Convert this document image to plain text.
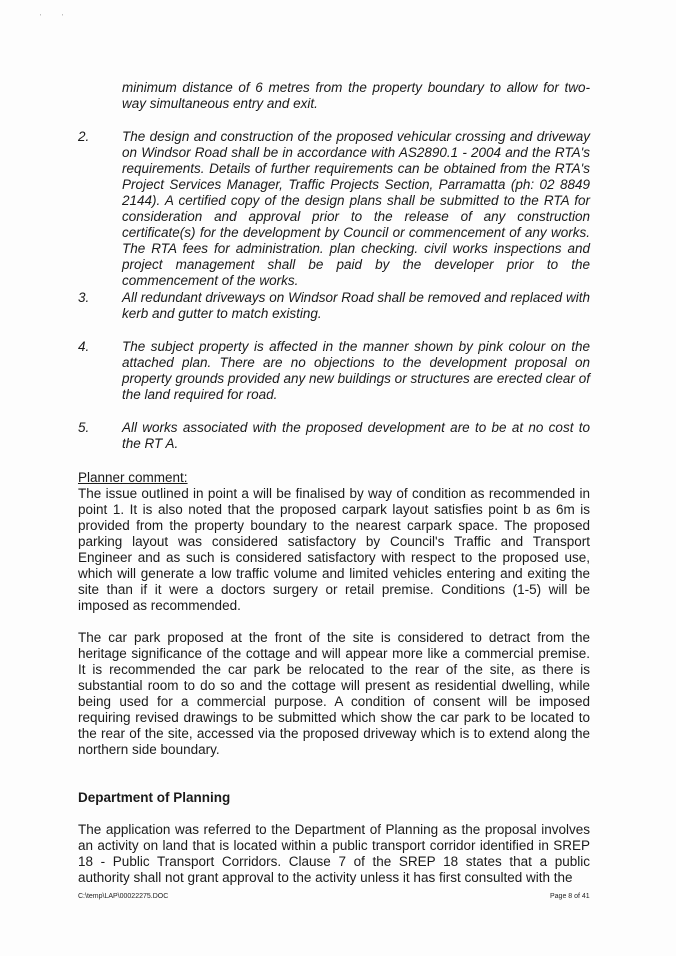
'	'

minimum distance of 6 metres from the property boundary to allow for two-way simultaneous entry and exit.

2.	The design and construction of the proposed vehicular crossing and driveway on Windsor Road shall be in accordance with AS2890.1 - 2004 and the RTA's requirements. Details of further requirements can be obtained from the RTA's Project Services Manager, Traffic Projects Section, Parramatta (ph: 02 8849 2144). A certified copy of the design plans shall be submitted to the RTA for consideration and approval prior to the release of any construction certificate(s) for the development by Council or commencement of any works. The RTA fees for administration. plan checking. civil works inspections and project management shall be paid by the developer prior to the commencement of the works.
3.	All redundant driveways on Windsor Road shall be removed and replaced with kerb and gutter to match existing.
4.	The subject property is affected in the manner shown by pink colour on the attached plan. There are no objections to the development proposal on property grounds provided any new buildings or structures are erected clear of the land required for road.
5.	All works associated with the proposed development are to be at no cost to the RT A.
Planner comment:

The issue outlined in point a will be finalised by way of condition as recommended in point 1. It is also noted that the proposed carpark layout satisfies point b as 6m is provided from the property boundary to the nearest carpark space. The proposed parking layout was considered satisfactory by Council's Traffic and Transport Engineer and as such is considered satisfactory with respect to the proposed use, which will generate a low traffic volume and limited vehicles entering and exiting the site than if it were a doctors surgery or retail premise. Conditions (1-5) will be imposed as recommended.

The car park proposed at the front of the site is considered to detract from the heritage significance of the cottage and will appear more like a commercial premise. It is recommended the car park be relocated to the rear of the site, as there is substantial room to do so and the cottage will present as residential dwelling, while being used for a commercial purpose. A condition of consent will be imposed requiring revised drawings to be submitted which show the car park to be located to the rear of the site, accessed via the proposed driveway which is to extend along the northern side boundary.

Department of Planning

The application was referred to the Department of Planning as the proposal involves an activity on land that is located within a public transport corridor identified in SREP 18 - Public Transport Corridors. Clause 7 of the SREP 18 states that a public authority shall not grant approval to the activity unless it has first consulted with the

C:\temp\LAP\00022275.DOC	Page 8 of 41
